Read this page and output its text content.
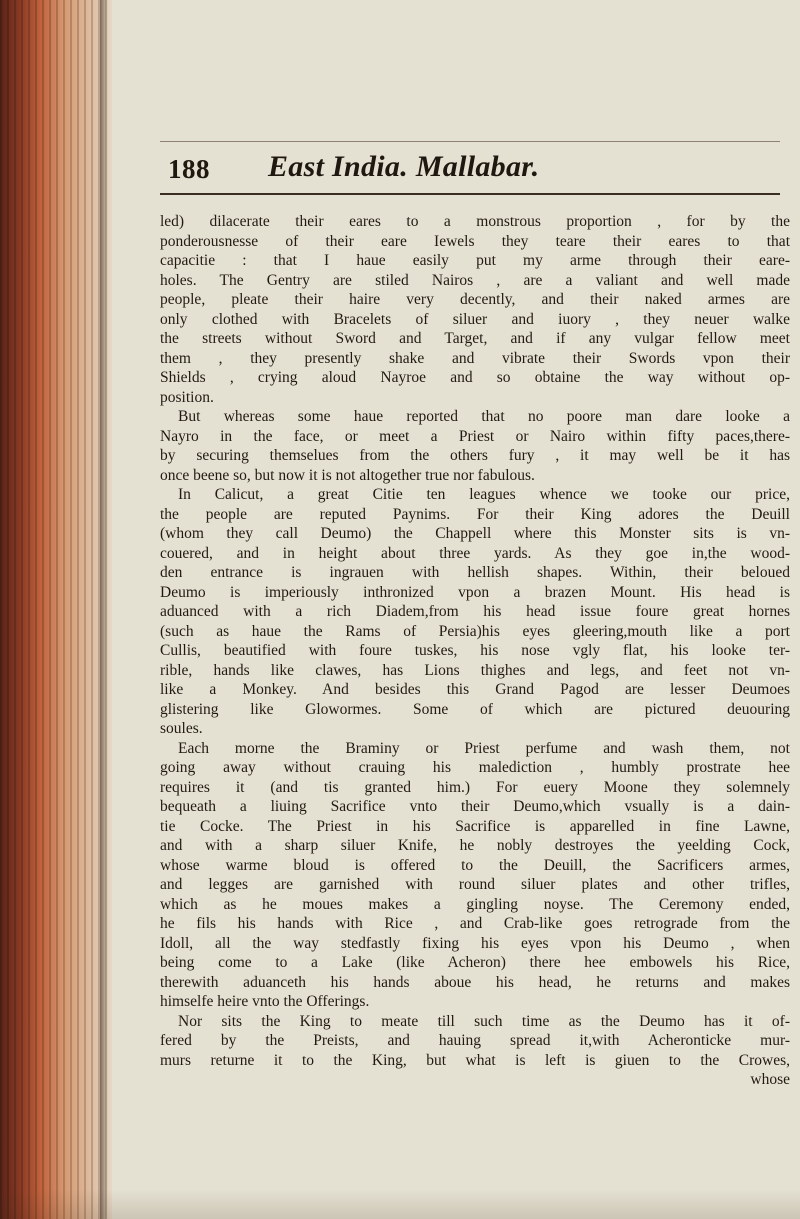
188 East India. Mallabar.
led) dilacerate their eares to a monstrous proportion , for by the
ponderousnesse of their eare Iewels they teare their eares to that
capacitie : that I haue easily put my arme through their eare-
holes. The Gentry are stiled Nairos , are a valiant and well made
people, pleate their haire very decently, and their naked armes are
only clothed with Bracelets of siluer and iuory , they neuer walke
the streets without Sword and Target, and if any vulgar fellow meet
them , they presently shake and vibrate their Swords vpon their
Shields , crying aloud Nayroe and so obtaine the way without op-
position.
But whereas some haue reported that no poore man dare looke a
Nayro in the face, or meet a Priest or Nairo within fifty paces,there-
by securing themselues from the others fury , it may well be it has
once beene so, but now it is not altogether true nor fabulous.
In Calicut, a great Citie ten leagues whence we tooke our price,
the people are reputed Paynims. For their King adores the Deuill
(whom they call Deumo) the Chappell where this Monster sits is vn-
couered, and in height about three yards. As they goe in,the wood-
den entrance is ingrauen with hellish shapes. Within, their beloued
Deumo is imperiously inthronized vpon a brazen Mount. His head is
aduanced with a rich Diadem,from his head issue foure great hornes
(such as haue the Rams of Persia)his eyes gleering,mouth like a port
Cullis, beautified with foure tuskes, his nose vgly flat, his looke ter-
rible, hands like clawes, has Lions thighes and legs, and feet not vn-
like a Monkey. And besides this Grand Pagod are lesser Deumoes
glistering like Glowormes. Some of which are pictured deuouring
soules.
Each morne the Braminy or Priest perfume and wash them, not
going away without crauing his malediction , humbly prostrate hee
requires it (and tis granted him.) For euery Moone they solemnely
bequeath a liuing Sacrifice vnto their Deumo,which vsually is a dain-
tie Cocke. The Priest in his Sacrifice is apparelled in fine Lawne,
and with a sharp siluer Knife, he nobly destroyes the yeelding Cock,
whose warme bloud is offered to the Deuill, the Sacrificers armes,
and legges are garnished with round siluer plates and other trifles,
which as he moues makes a gingling noyse. The Ceremony ended,
he fils his hands with Rice , and Crab-like goes retrograde from the
Idoll, all the way stedfastly fixing his eyes vpon his Deumo , when
being come to a Lake (like Acheron) there hee embowels his Rice,
therewith aduanceth his hands aboue his head, he returns and makes
himselfe heire vnto the Offerings.
Nor sits the King to meate till such time as the Deumo has it of-
fered by the Preists, and hauing spread it,with Acheronticke mur-
murs returne it to the King, but what is left is giuen to the Crowes,
whose
